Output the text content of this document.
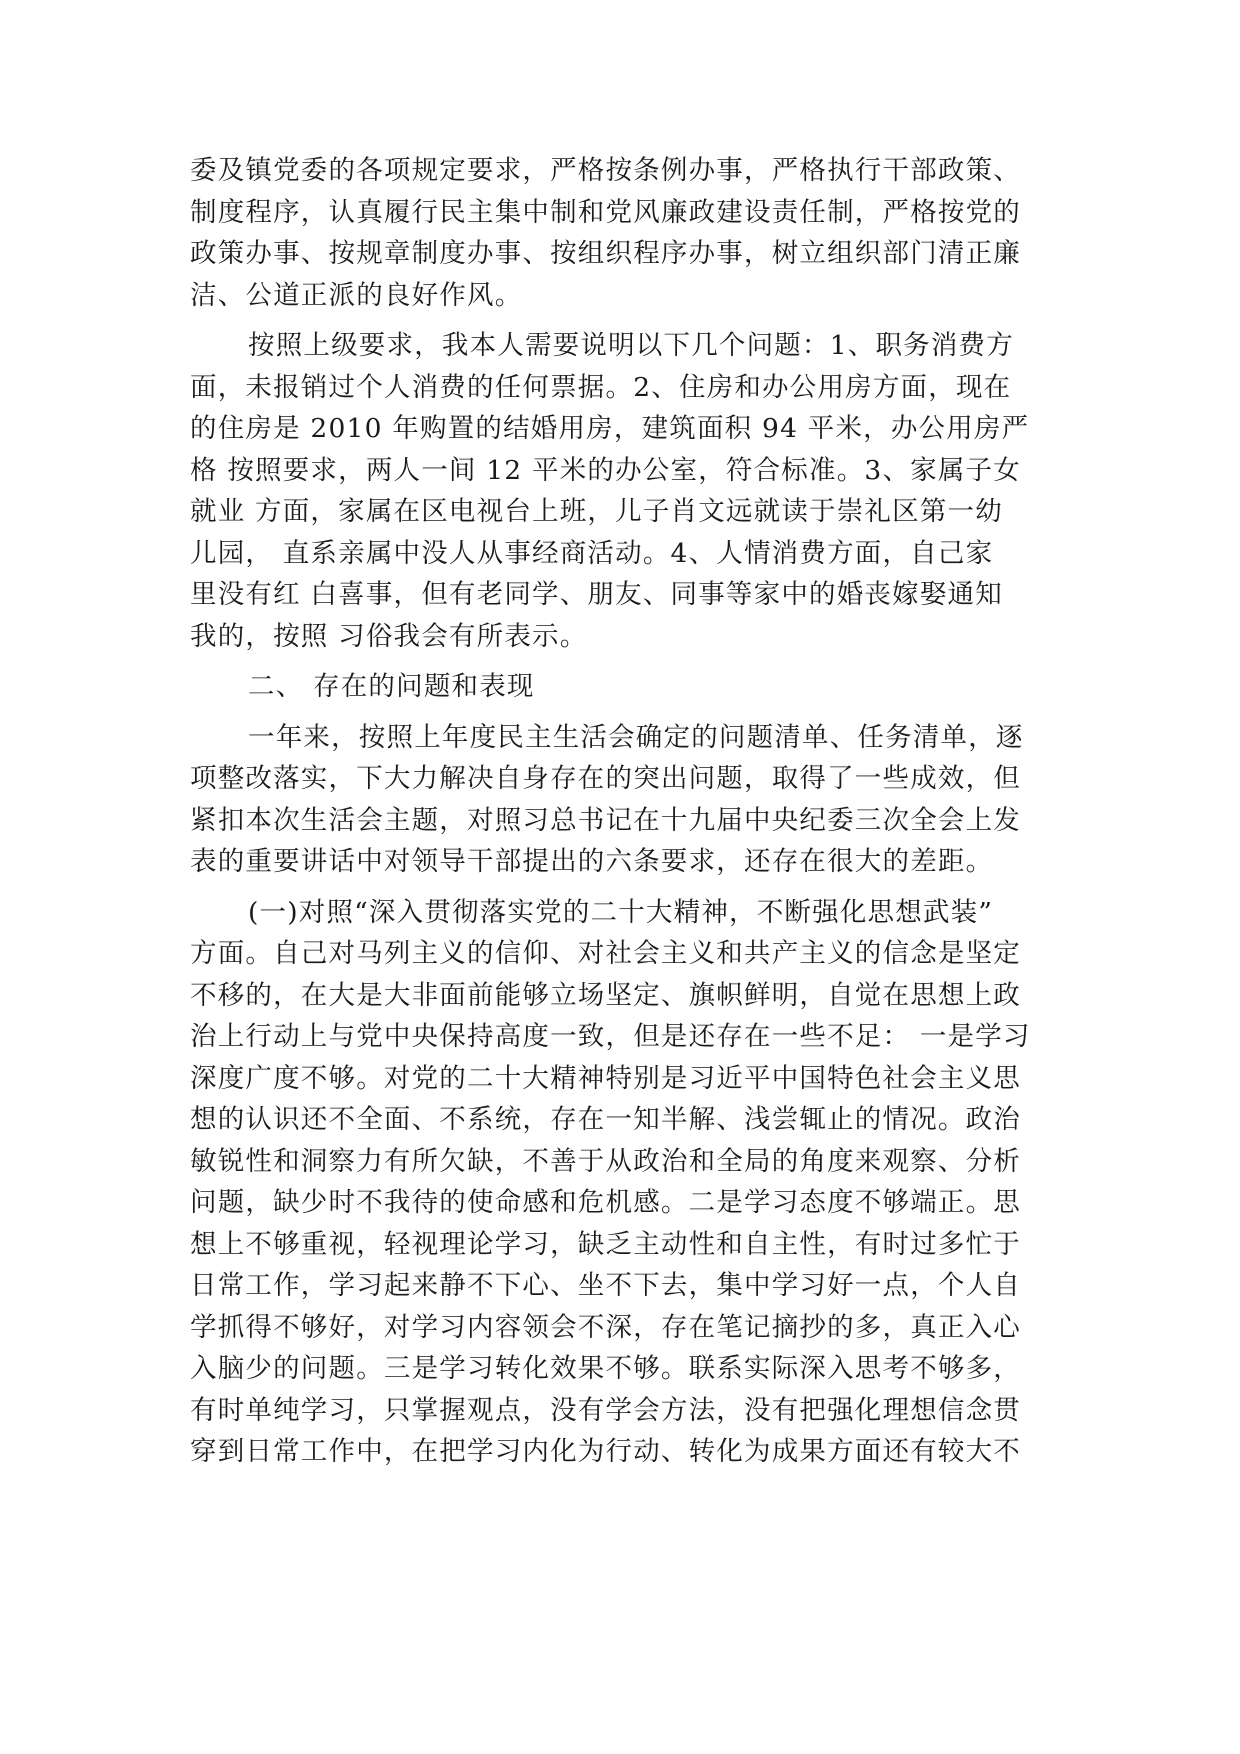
委及镇党委的各项规定要求，严格按条例办事，严格执行干部政策、
制度程序，认真履行民主集中制和党风廉政建设责任制，严格按党的
政策办事、按规章制度办事、按组织程序办事，树立组织部门清正廉
洁、公道正派的良好作风。
按照上级要求，我本人需要说明以下几个问题：1、职务消费方
面，未报销过个人消费的任何票据。2、住房和办公用房方面，现在
的住房是 2010 年购置的结婚用房，建筑面积 94 平米，办公用房严
格 按照要求，两人一间 12 平米的办公室，符合标准。3、家属子女
就业 方面，家属在区电视台上班，儿子肖文远就读于崇礼区第一幼
儿园， 直系亲属中没人从事经商活动。4、人情消费方面，自己家
里没有红 白喜事，但有老同学、朋友、同事等家中的婚丧嫁娶通知
我的，按照 习俗我会有所表示。
二、 存在的问题和表现
一年来，按照上年度民主生活会确定的问题清单、任务清单，逐
项整改落实，下大力解决自身存在的突出问题，取得了一些成效，但
紧扣本次生活会主题，对照习总书记在十九届中央纪委三次全会上发
表的重要讲话中对领导干部提出的六条要求，还存在很大的差距。
(一)对照“深入贯彻落实党的二十大精神，不断强化思想武装”
方面。自己对马列主义的信仰、对社会主义和共产主义的信念是坚定
不移的，在大是大非面前能够立场坚定、旗帜鲜明，自觉在思想上政
治上行动上与党中央保持高度一致，但是还存在一些不足： 一是学习
深度广度不够。对党的二十大精神特别是习近平中国特色社会主义思
想的认识还不全面、不系统，存在一知半解、浅尝辄止的情况。政治
敏锐性和洞察力有所欠缺，不善于从政治和全局的角度来观察、分析
问题，缺少时不我待的使命感和危机感。二是学习态度不够端正。思
想上不够重视，轻视理论学习，缺乏主动性和自主性，有时过多忙于
日常工作，学习起来静不下心、坐不下去，集中学习好一点，个人自
学抓得不够好，对学习内容领会不深，存在笔记摘抄的多，真正入心
入脑少的问题。三是学习转化效果不够。联系实际深入思考不够多，
有时单纯学习，只掌握观点，没有学会方法，没有把强化理想信念贯
穿到日常工作中，在把学习内化为行动、转化为成果方面还有较大不
